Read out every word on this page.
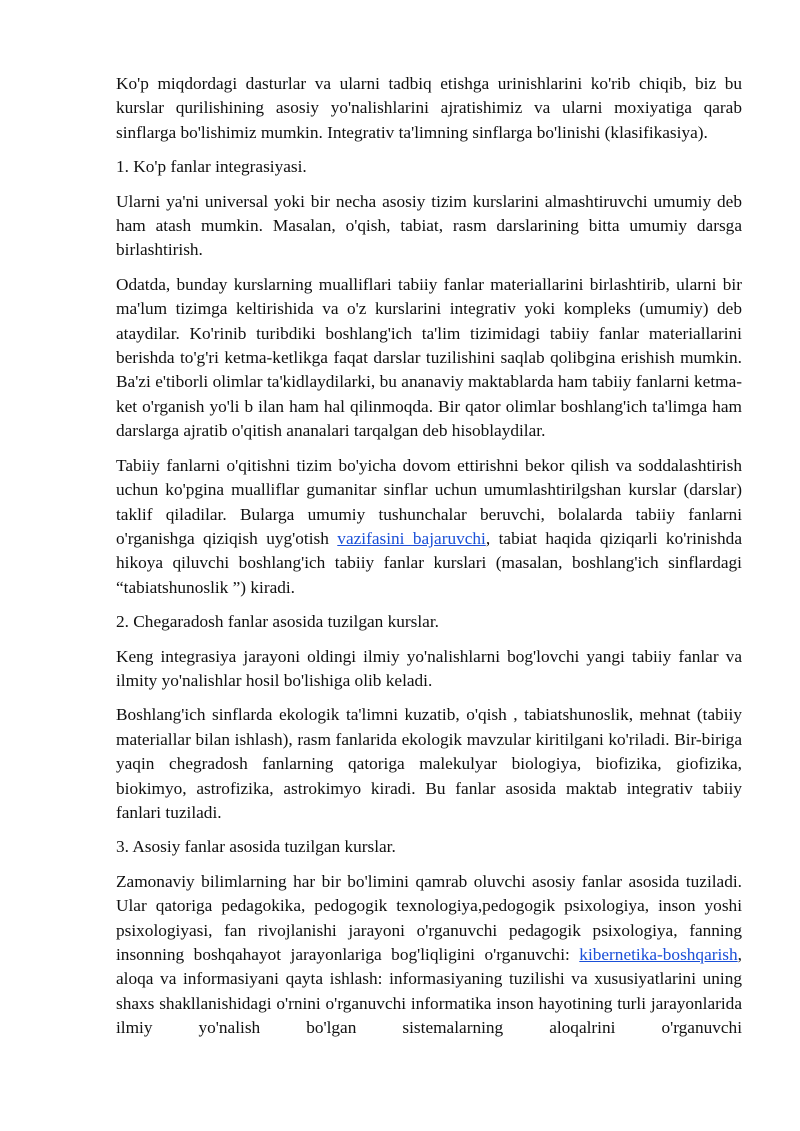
Ko'p miqdordagi dasturlar va ularni tadbiq etishga urinishlarini ko'rib chiqib, biz bu kurslar qurilishining asosiy yo'nalishlarini ajratishimiz va ularni moxiyatiga qarab sinflarga bo'lishimiz mumkin. Integrativ ta'limning sinflarga bo'linishi (klasifikasiya).

1. Ko'p fanlar integrasiyasi.

Ularni ya'ni universal yoki bir necha asosiy tizim kurslarini almashtiruvchi umumiy deb ham atash mumkin. Masalan, o'qish, tabiat, rasm darslarining bitta umumiy darsga birlashtirish.

Odatda, bunday kurslarning mualliflari tabiiy fanlar materiallarini birlashtirib, ularni bir ma'lum tizimga keltirishida va o'z kurslarini integrativ yoki kompleks (umumiy) deb ataydilar. Ko'rinib turibdiki boshlang'ich ta'lim tizimidagi tabiiy fanlar materiallarini berishda to'g'ri ketma-ketlikga faqat darslar tuzilishini saqlab qolibgina erishish mumkin. Ba'zi e'tiborli olimlar ta'kidlaydilarki, bu ananaviy maktablarda ham tabiiy fanlarni ketma-ket o'rganish yo'li b ilan ham hal qilinmoqda. Bir qator olimlar boshlang'ich ta'limga ham darslarga ajratib o'qitish ananalari tarqalgan deb hisoblaydilar.

Tabiiy fanlarni o'qitishni tizim bo'yicha dovom ettirishni bekor qilish va soddalashtirish uchun ko'pgina mualliflar gumanitar sinflar uchun umumlashtirilgshan kurslar (darslar) taklif qiladilar. Bularga umumiy tushunchalar beruvchi, bolalarda tabiiy fanlarni o'rganishga qiziqish uyg'otish vazifasini bajaruvchi, tabiat haqida qiziqarli ko'rinishda hikoya qiluvchi boshlang'ich tabiiy fanlar kurslari (masalan, boshlang'ich sinflardagi “tabiatshunoslik ”) kiradi.

2. Chegaradosh fanlar asosida tuzilgan kurslar.

Keng integrasiya jarayoni oldingi ilmiy yo'nalishlarni bog'lovchi yangi tabiiy fanlar va ilmity yo'nalishlar hosil bo'lishiga olib keladi.

Boshlang'ich sinflarda ekologik ta'limni kuzatib, o'qish , tabiatshunoslik, mehnat (tabiiy materiallar bilan ishlash), rasm fanlarida ekologik mavzular kiritilgani ko'riladi. Bir-biriga yaqin chegradosh fanlarning qatoriga malekulyar biologiya, biofizika, giofizika, biokimyo, astrofizika, astrokimyo kiradi. Bu fanlar asosida maktab integrativ tabiiy fanlari tuziladi.

3. Asosiy fanlar asosida tuzilgan kurslar.

Zamonaviy bilimlarning har bir bo'limini qamrab oluvchi asosiy fanlar asosida tuziladi. Ular qatoriga pedagokika, pedogogik texnologiya,pedogogik psixologiya, inson yoshi psixologiyasi, fan rivojlanishi jarayoni o'rganuvchi pedagogik psixologiya, fanning insonning boshqahayot jarayonlariga bog'liqligini o'rganuvchi: kibernetika-boshqarish, aloqa va informasiyani qayta ishlash: informasiyaning tuzilishi va xususiyatlarini uning shaxs shakllanishidagi o'rnini o'rganuvchi informatika inson hayotining turli jarayonlarida ilmiy yo'nalish bo'lgan sistemalarning aloqalrini o'rganuvchi
